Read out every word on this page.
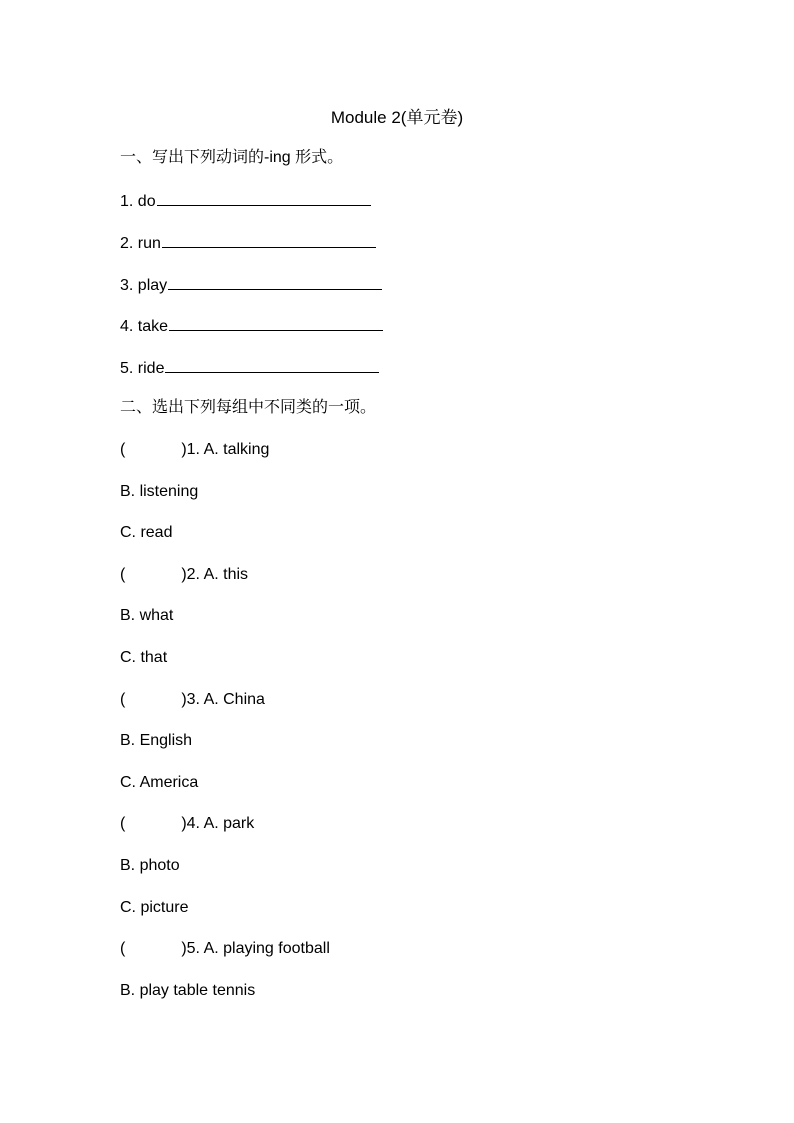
Module 2(单元卷)
一、写出下列动词的-ing 形式。
1. do
2. run
3. play
4. take
5. ride
二、选出下列每组中不同类的一项。
(	)1. A. talking
B. listening
C. read
(	)2. A. this
B. what
C. that
(	)3. A. China
B. English
C. America
(	)4. A. park
B. photo
C. picture
(	)5. A. playing football
B. play table tennis
